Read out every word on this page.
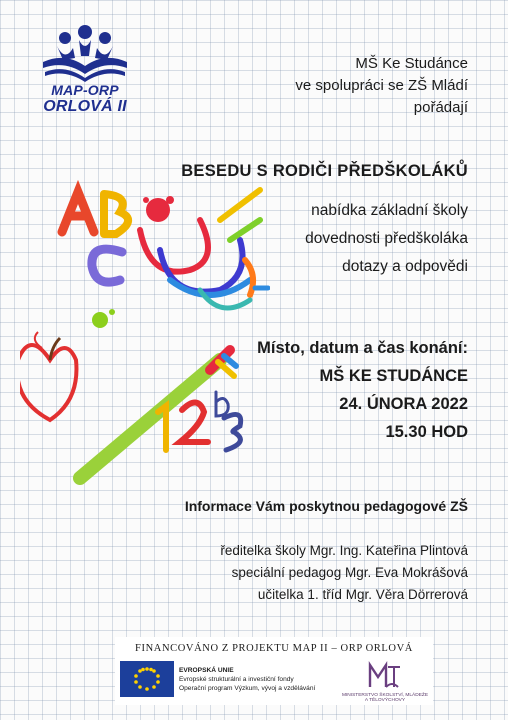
MAP-ORP
ORLOVÁ II
MŠ Ke Studánce
ve spolupráci se ZŠ Mládí
pořádají
BESEDU S RODIČI PŘEDŠKOLÁKŮ
nabídka základní školy
dovednosti předškoláka
dotazy a odpovědi
Místo, datum a čas konání:
MŠ KE STUDÁNCE
24. ÚNORA 2022
15.30 HOD
Informace Vám poskytnou pedagogové ZŠ
ředitelka školy Mgr. Ing. Kateřina Plintová
speciální pedagog Mgr. Eva Mokrášová
učitelka 1. tříd Mgr. Věra Dörrerová
FINANCOVÁNO Z PROJEKTU MAP II – ORP ORLOVÁ
EVROPSKÁ UNIE
Evropské strukturální a investiční fondy
Operační program Výzkum, vývoj a vzdělávání
MINISTERSTVO ŠKOLSTVÍ, MLÁDEŽE A TĚLOVÝCHOVY
